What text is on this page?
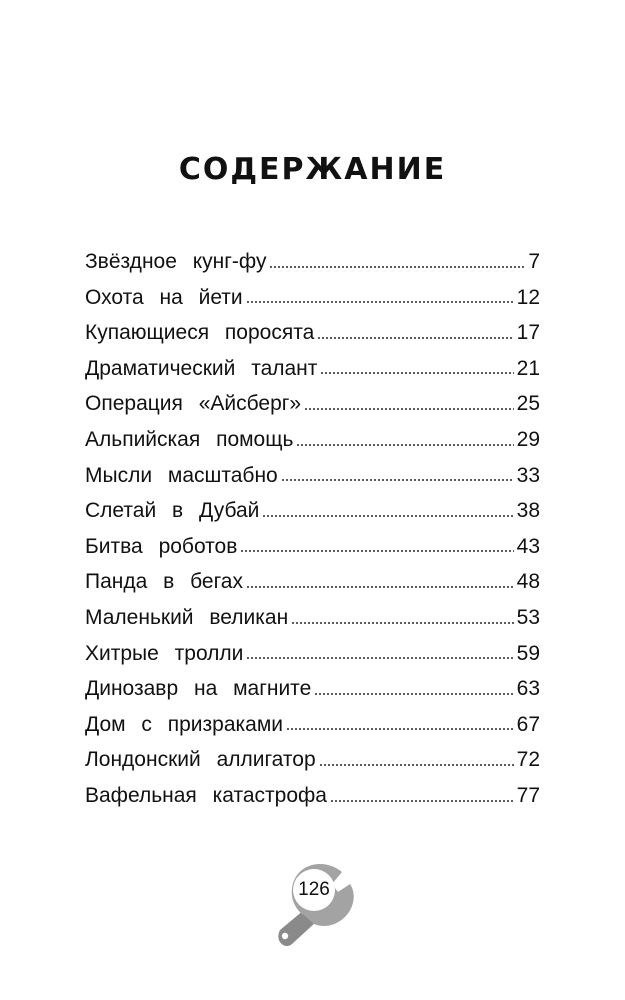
СОДЕРЖАНИЕ
Звёздное кунг-фу	7
Охота на йети	12
Купающиеся поросята	17
Драматический талант	21
Операция «Айсберг»	25
Альпийская помощь	29
Мысли масштабно	33
Слетай в Дубай	38
Битва роботов	43
Панда в бегах	48
Маленький великан	53
Хитрые тролли	59
Динозавр на магните	63
Дом с призраками	67
Лондонский аллигатор	72
Вафельная катастрофа	77
126
